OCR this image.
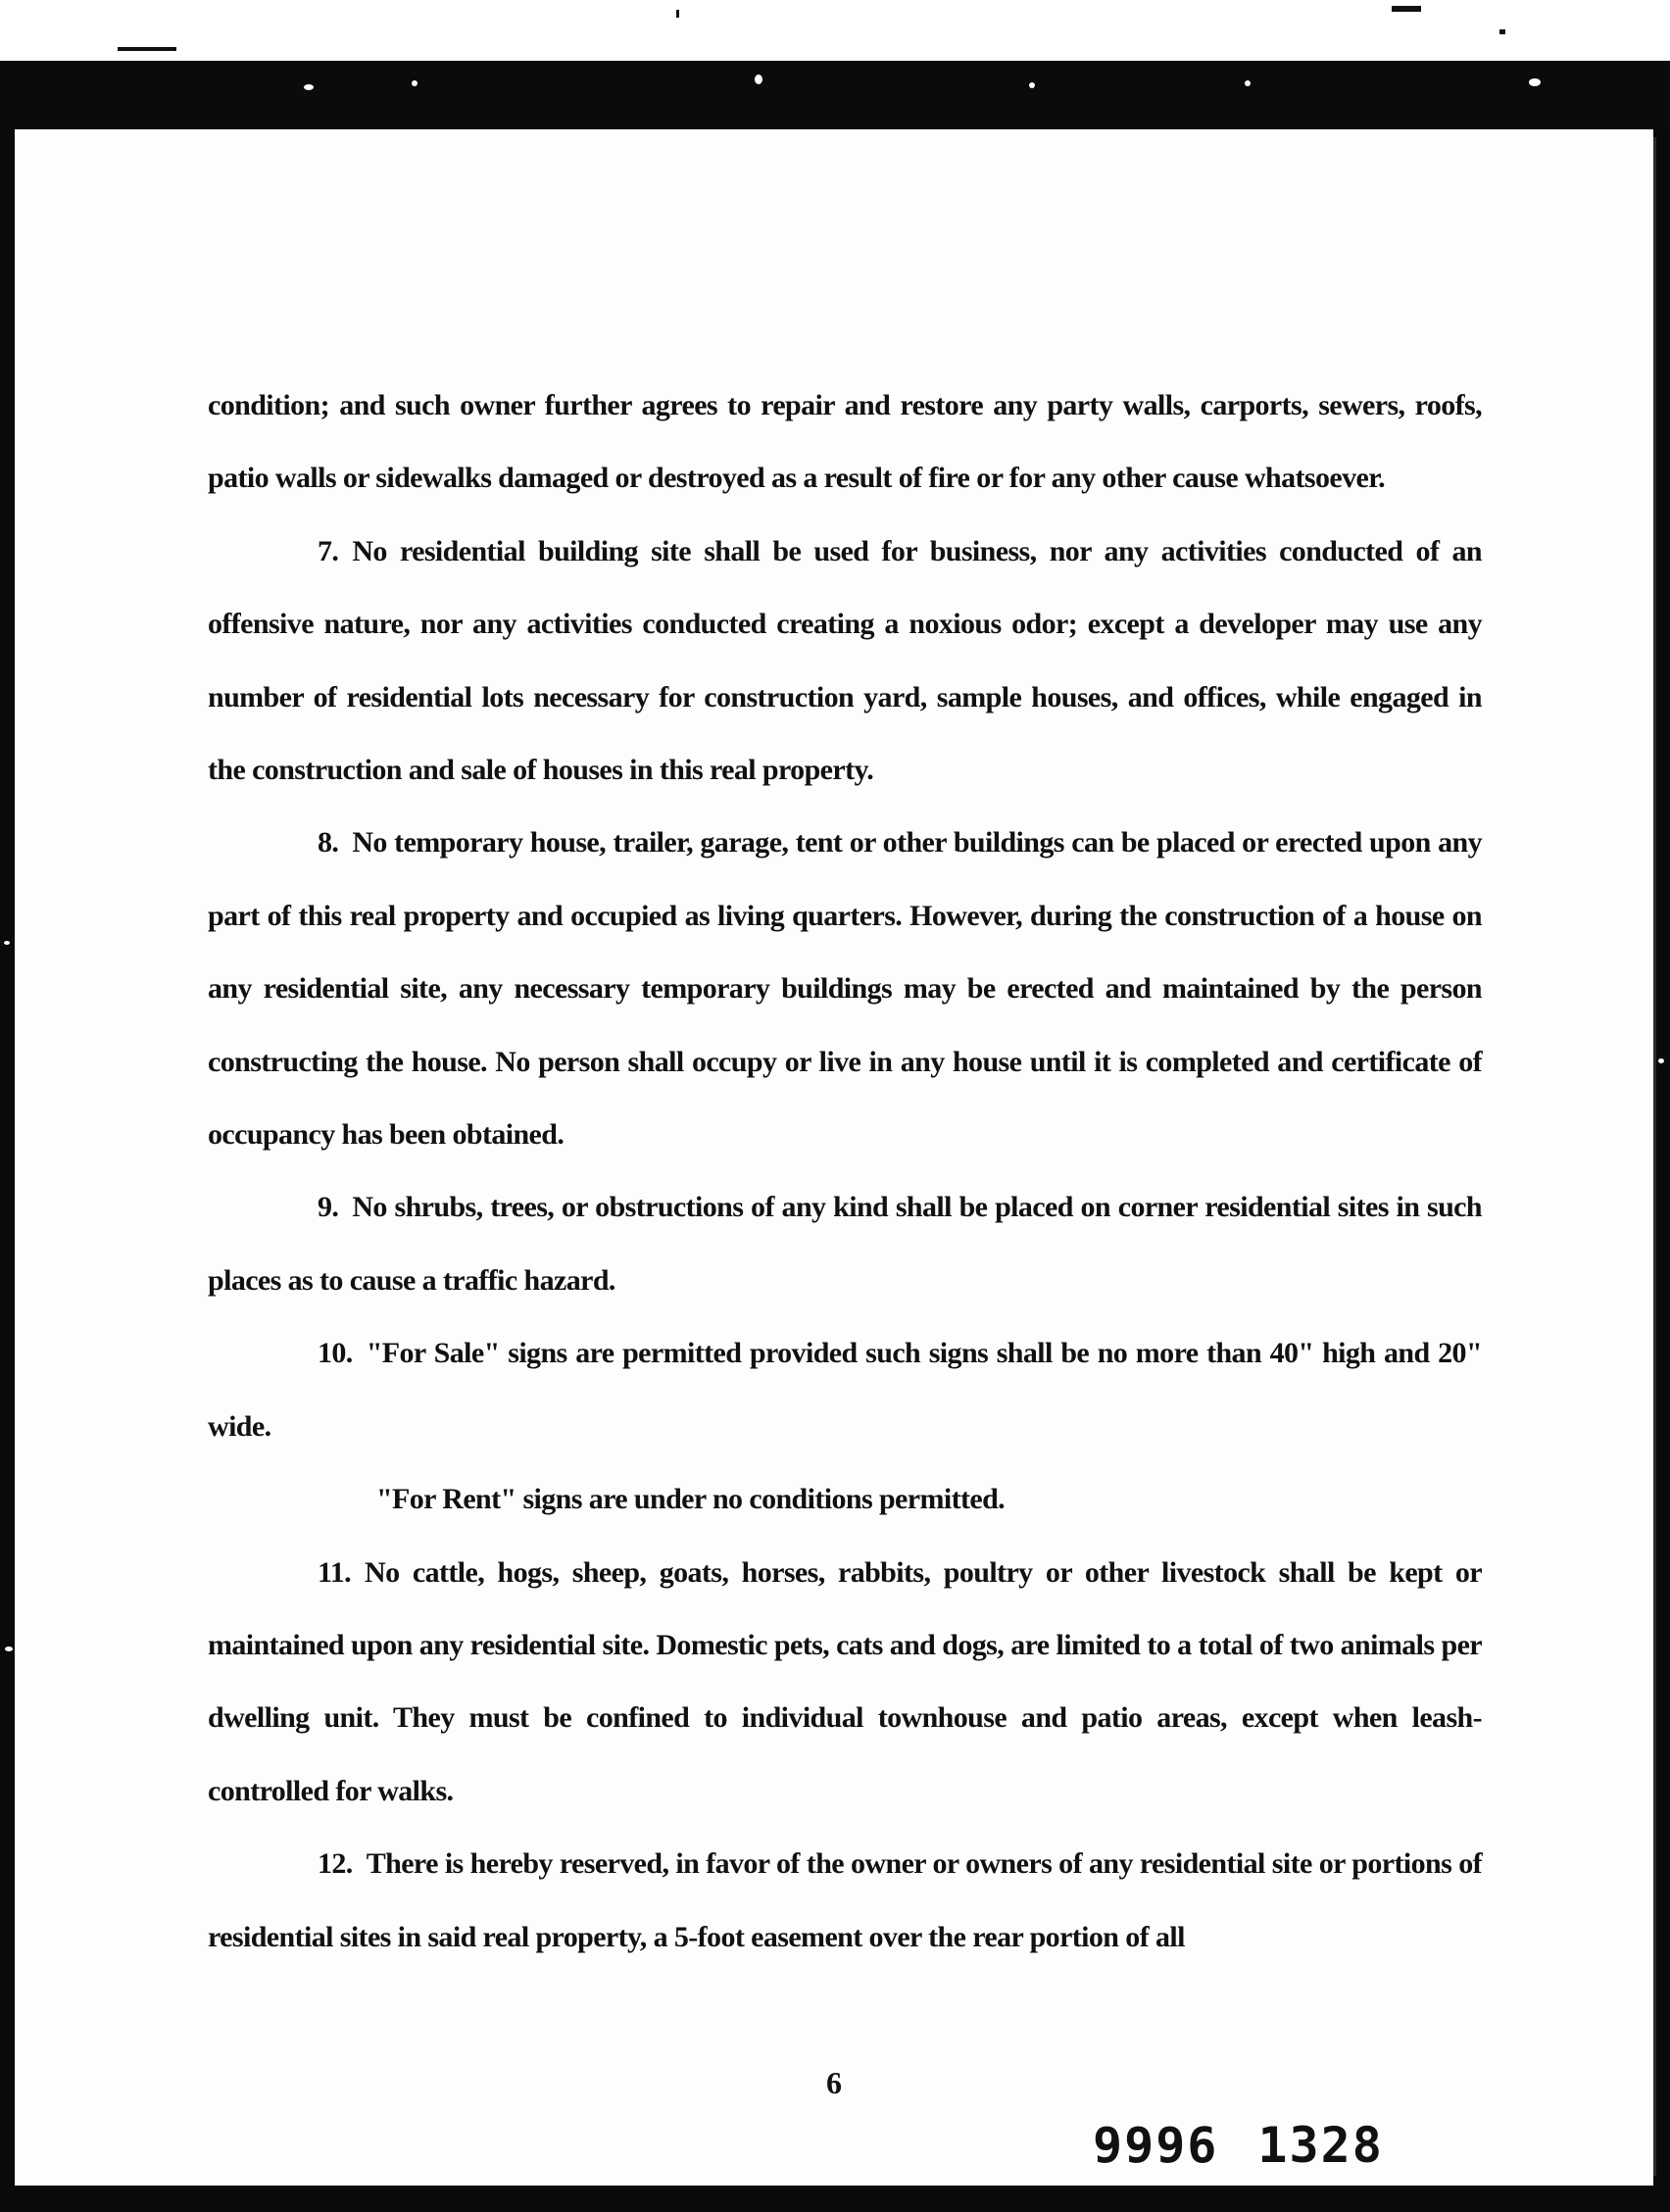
condition; and such owner further agrees to repair and restore any party walls, carports, sewers, roofs, patio walls or sidewalks damaged or destroyed as a result of fire or for any other cause whatsoever.

7. No residential building site shall be used for business, nor any activities conducted of an offensive nature, nor any activities conducted creating a noxious odor; except a developer may use any number of residential lots necessary for construction yard, sample houses, and offices, while engaged in the construction and sale of houses in this real property.

8. No temporary house, trailer, garage, tent or other buildings can be placed or erected upon any part of this real property and occupied as living quarters. However, during the construction of a house on any residential site, any necessary temporary buildings may be erected and maintained by the person constructing the house. No person shall occupy or live in any house until it is completed and certificate of occupancy has been obtained.

9. No shrubs, trees, or obstructions of any kind shall be placed on corner residential sites in such places as to cause a traffic hazard.

10. "For Sale" signs are permitted provided such signs shall be no more than 40" high and 20" wide.

"For Rent" signs are under no conditions permitted.

11. No cattle, hogs, sheep, goats, horses, rabbits, poultry or other livestock shall be kept or maintained upon any residential site. Domestic pets, cats and dogs, are limited to a total of two animals per dwelling unit. They must be confined to individual townhouse and patio areas, except when leash-controlled for walks.

12. There is hereby reserved, in favor of the owner or owners of any residential site or portions of residential sites in said real property, a 5-foot easement over the rear portion of all

6
9996 1328
